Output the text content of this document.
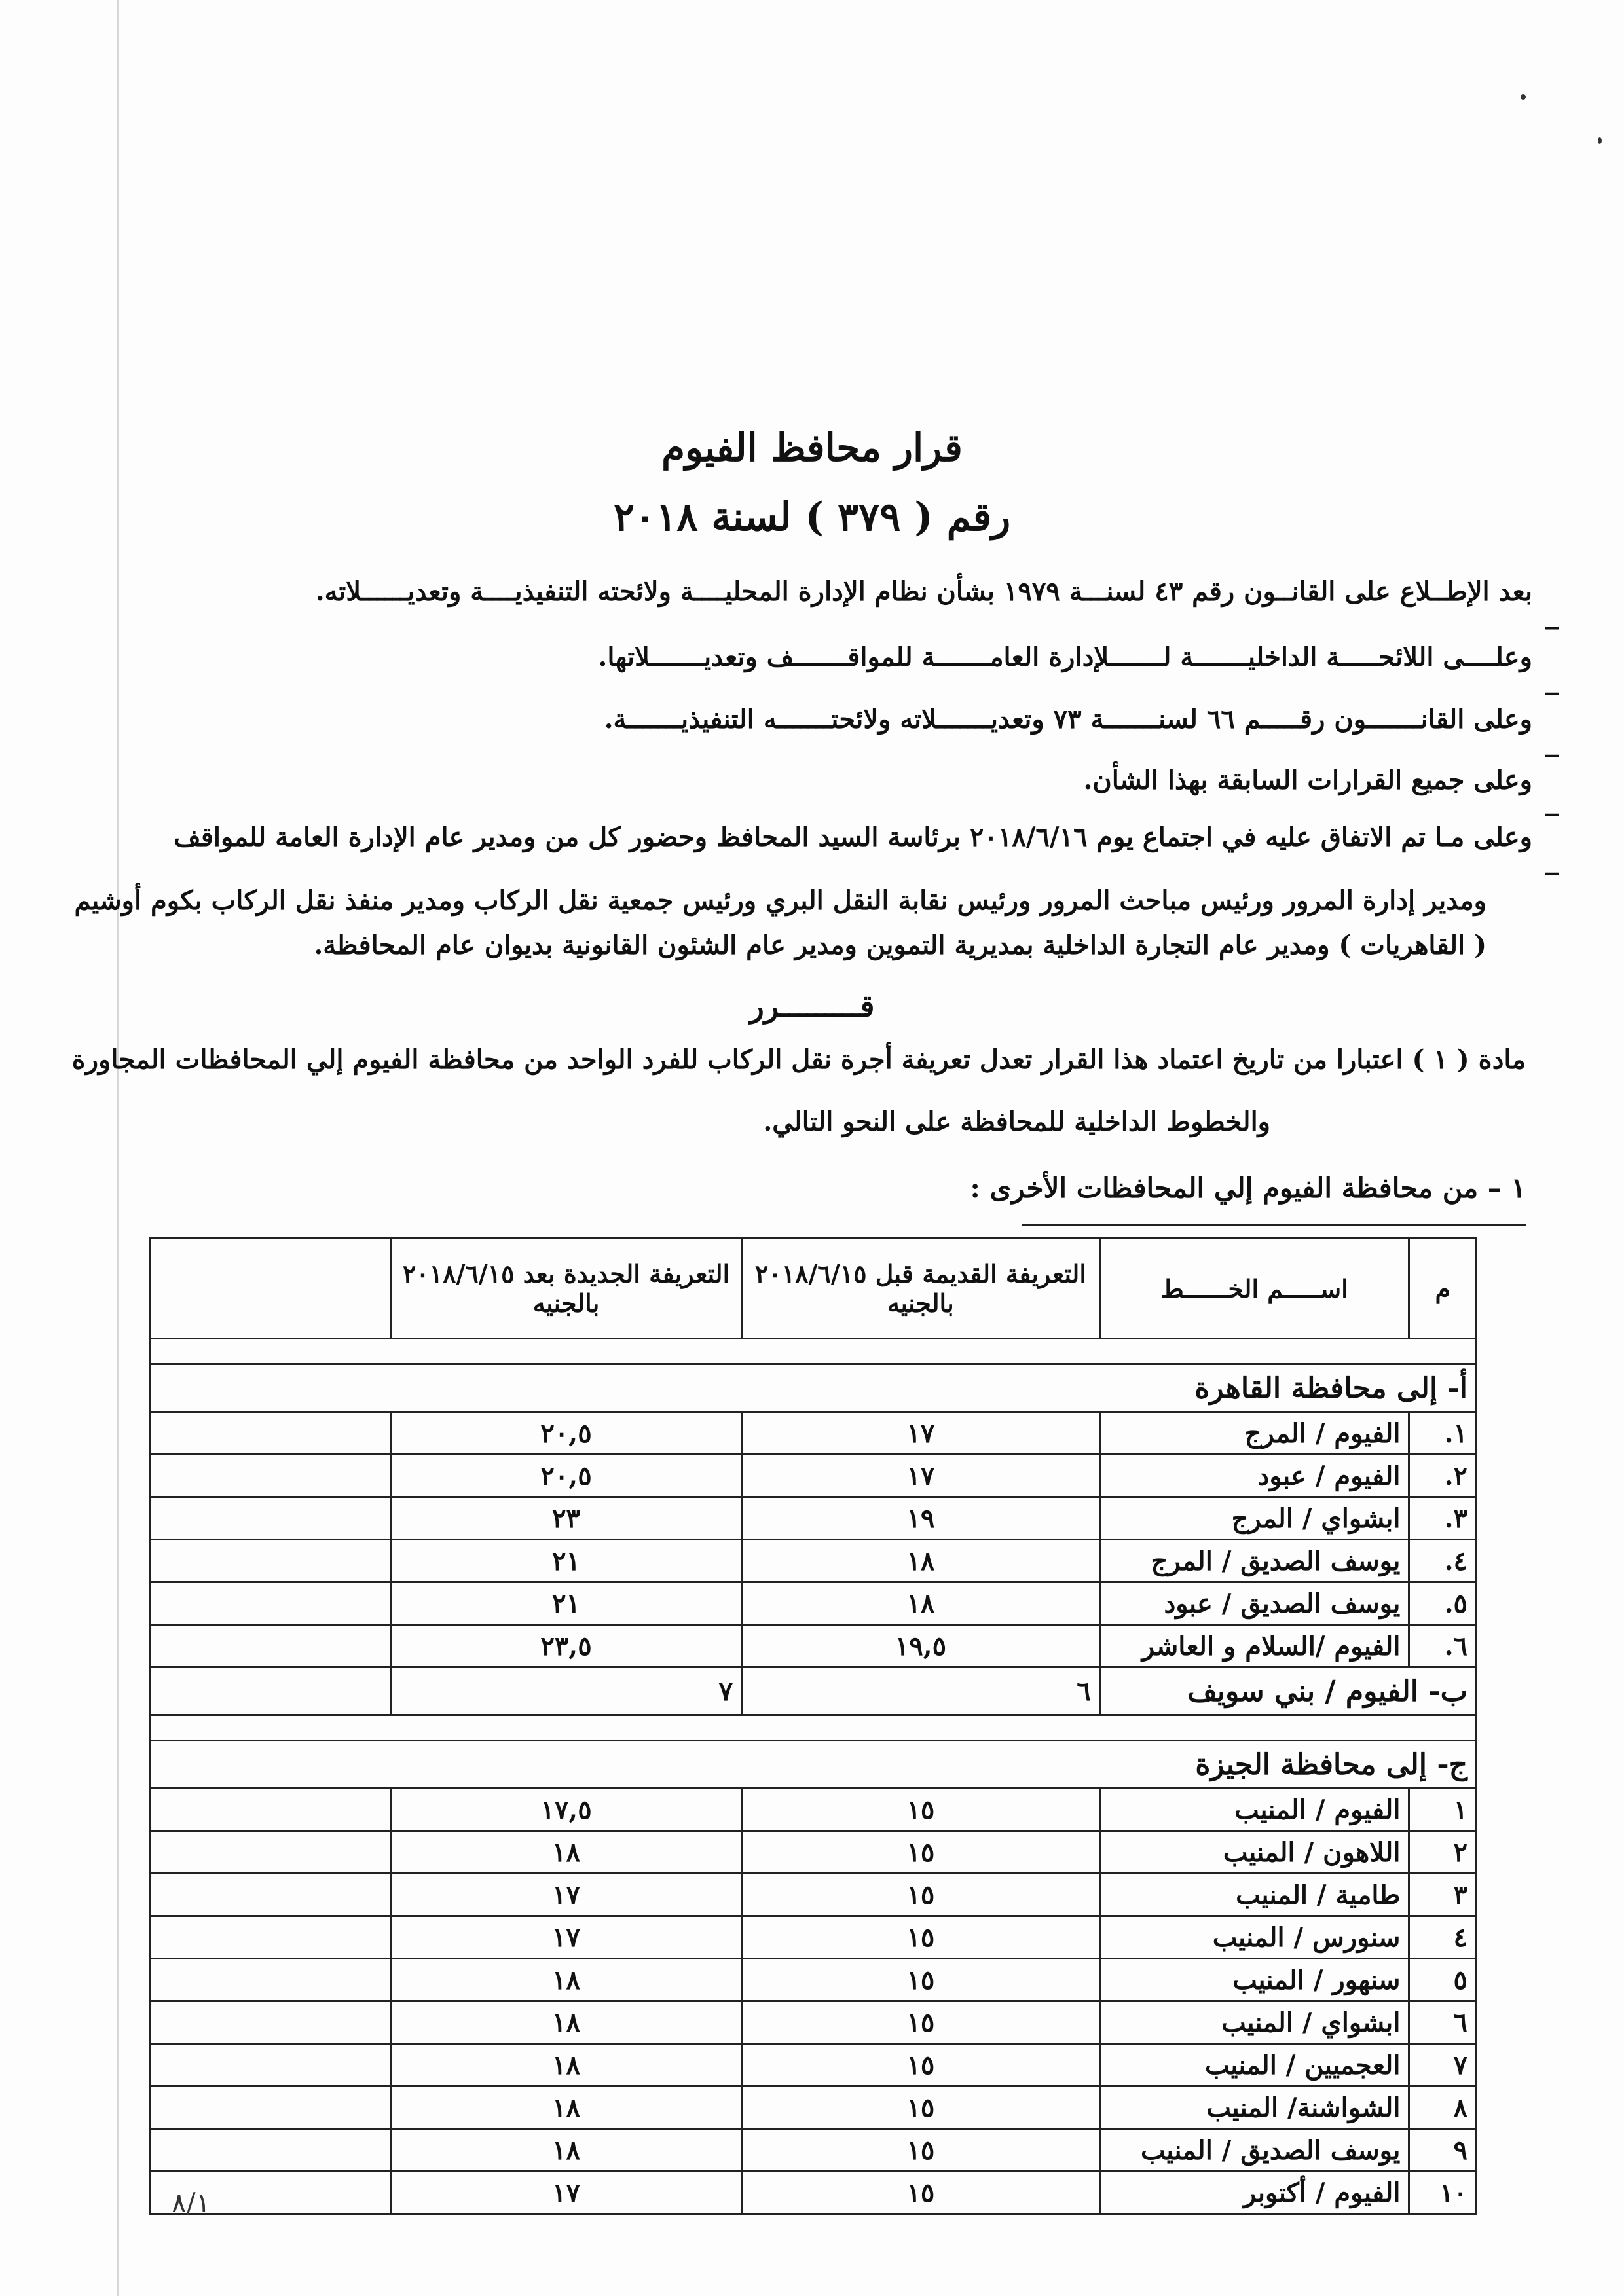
قرار محافظ الفيوم
رقم ( ٣٧٩ ) لسنة ٢٠١٨
_
بعد الإطــلاع على القانــون رقم ٤٣ لسنـــة ١٩٧٩ بشأن نظام الإدارة المحليــــة ولائحته التنفيذيــــة وتعديــــــلاته.
_
وعلــــى اللائحـــــة الداخليـــــــة لـــــــلإدارة العامـــــــة للمواقـــــــف وتعديـــــــلاتها.
_
وعلى القانـــــــون رقـــــم ٦٦ لسنـــــــة ٧٣ وتعديـــــــلاته ولائحتـــــــه التنفيذيـــــــة.
_
وعلى جميع القرارات السابقة بهذا الشأن.
_
وعلى مـا تم الاتفاق عليه في اجتماع يوم ٢٠١٨/٦/١٦ برئاسة السيد المحافظ وحضور كل من ومدير عام الإدارة العامة للمواقف
ومدير إدارة المرور ورئيس مباحث المرور ورئيس نقابة النقل البري ورئيس جمعية نقل الركاب ومدير منفذ نقل الركاب بكوم أوشيم
( القاهريات ) ومدير عام التجارة الداخلية بمديرية التموين ومدير عام الشئون القانونية بديوان عام المحافظة.
قـــــــــرر
مادة ( ١ ) اعتبارا من تاريخ اعتماد هذا القرار تعدل تعريفة أجرة نقل الركاب للفرد الواحد من محافظة الفيوم إلي المحافظات المجاورة
والخطوط الداخلية للمحافظة على النحو التالي.
١ – من محافظة الفيوم إلي المحافظات الأخرى :
م	اســـــم الخــــــط	التعريفة القديمة قبل ٢٠١٨/٦/١٥ بالجنيه	التعريفة الجديدة بعد ٢٠١٨/٦/١٥ بالجنيه	

أ- إلى محافظة القاهرة				
١.	الفيوم / المرج	١٧	٢٠,٥	
٢.	الفيوم / عبود	١٧	٢٠,٥	
٣.	ابشواي / المرج	١٩	٢٣	
٤.	يوسف الصديق / المرج	١٨	٢١	
٥.	يوسف الصديق / عبود	١٨	٢١	
٦.	الفيوم /السلام و العاشر	١٩,٥	٢٣,٥	
ب- الفيوم / بني سويف		٦	٧	

ج- إلى محافظة الجيزة				
١	الفيوم / المنيب	١٥	١٧,٥	
٢	اللاهون / المنيب	١٥	١٨	
٣	طامية / المنيب	١٥	١٧	
٤	سنورس / المنيب	١٥	١٧	
٥	سنهور / المنيب	١٥	١٨	
٦	ابشواي / المنيب	١٥	١٨	
٧	العجميين / المنيب	١٥	١٨	
٨	الشواشنة/ المنيب	١٥	١٨	
٩	يوسف الصديق / المنيب	١٥	١٨	
١٠	الفيوم / أكتوبر	١٥	١٧	
٨/١
